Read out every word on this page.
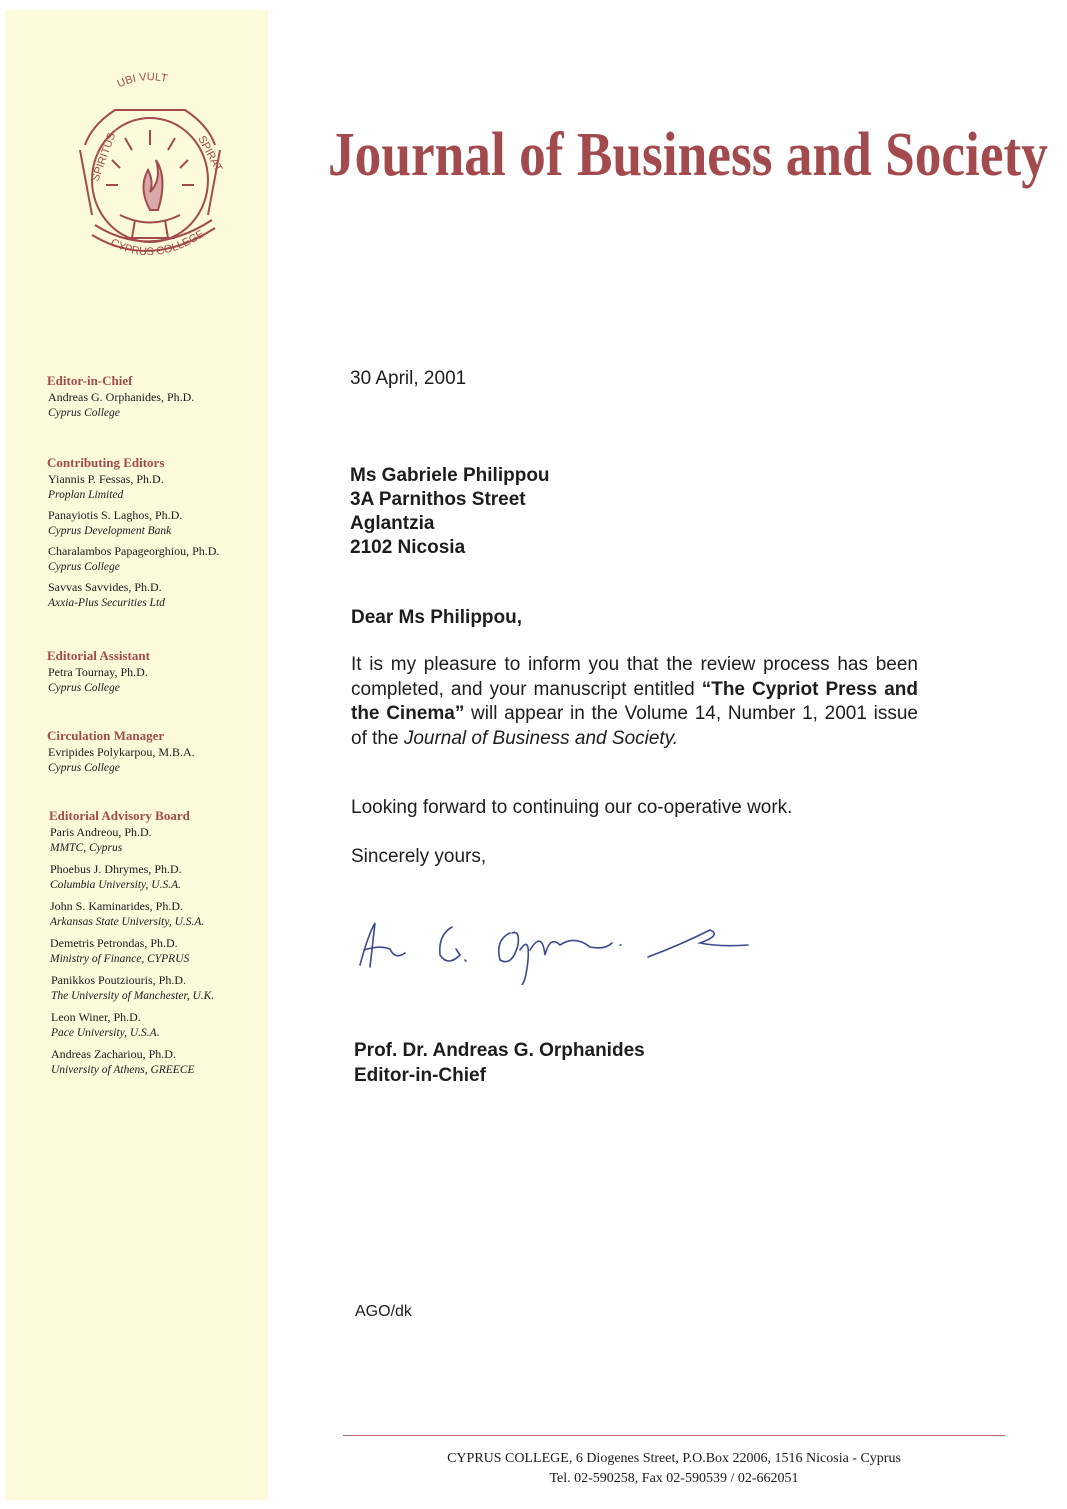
UBI VULT
SPIRITUS	SPIRAT
CYPRUS COLLEGE
Journal of Business and Society

Editor-in-Chief

Andreas G. Orphanides, Ph.D.
Cyprus College

Contributing Editors

Yiannis P. Fessas, Ph.D.
Proplan Limited

Panayiotis S. Laghos, Ph.D.
Cyprus Development Bank

Charalambos Papageorghiou, Ph.D.
Cyprus College

Savvas Savvides, Ph.D.
Axxia-Plus Securities Ltd

Editorial Assistant

Petra Tournay, Ph.D.
Cyprus College

Circulation Manager

Evripides Polykarpou, M.B.A.
Cyprus College

Editorial Advisory Board

Paris Andreou, Ph.D.
MMTC, Cyprus

Phoebus J. Dhrymes, Ph.D.
Columbia University, U.S.A.

John S. Kaminarides, Ph.D.
Arkansas State University, U.S.A.

Demetris Petrondas, Ph.D.
Ministry of Finance, CYPRUS

Panikkos Poutziouris, Ph.D.
The University of Manchester, U.K.

Leon Winer, Ph.D.
Pace University, U.S.A.

Andreas Zachariou, Ph.D.
University of Athens, GREECE

30 April, 2001
Ms Gabriele Philippou
3A Parnithos Street
Aglantzia
2102 Nicosia
Dear Ms Philippou,
It is my pleasure to inform you that the review process has been completed, and your manuscript entitled “The Cypriot Press and the Cinema” will appear in the Volume 14, Number 1, 2001 issue of the Journal of Business and Society.
Looking forward to continuing our co-operative work.
Sincerely yours,
Prof. Dr. Andreas G. Orphanides
Editor-in-Chief
AGO/dk
CYPRUS COLLEGE, 6 Diogenes Street, P.O.Box 22006, 1516 Nicosia - Cyprus
Tel. 02-590258, Fax 02-590539 / 02-662051
